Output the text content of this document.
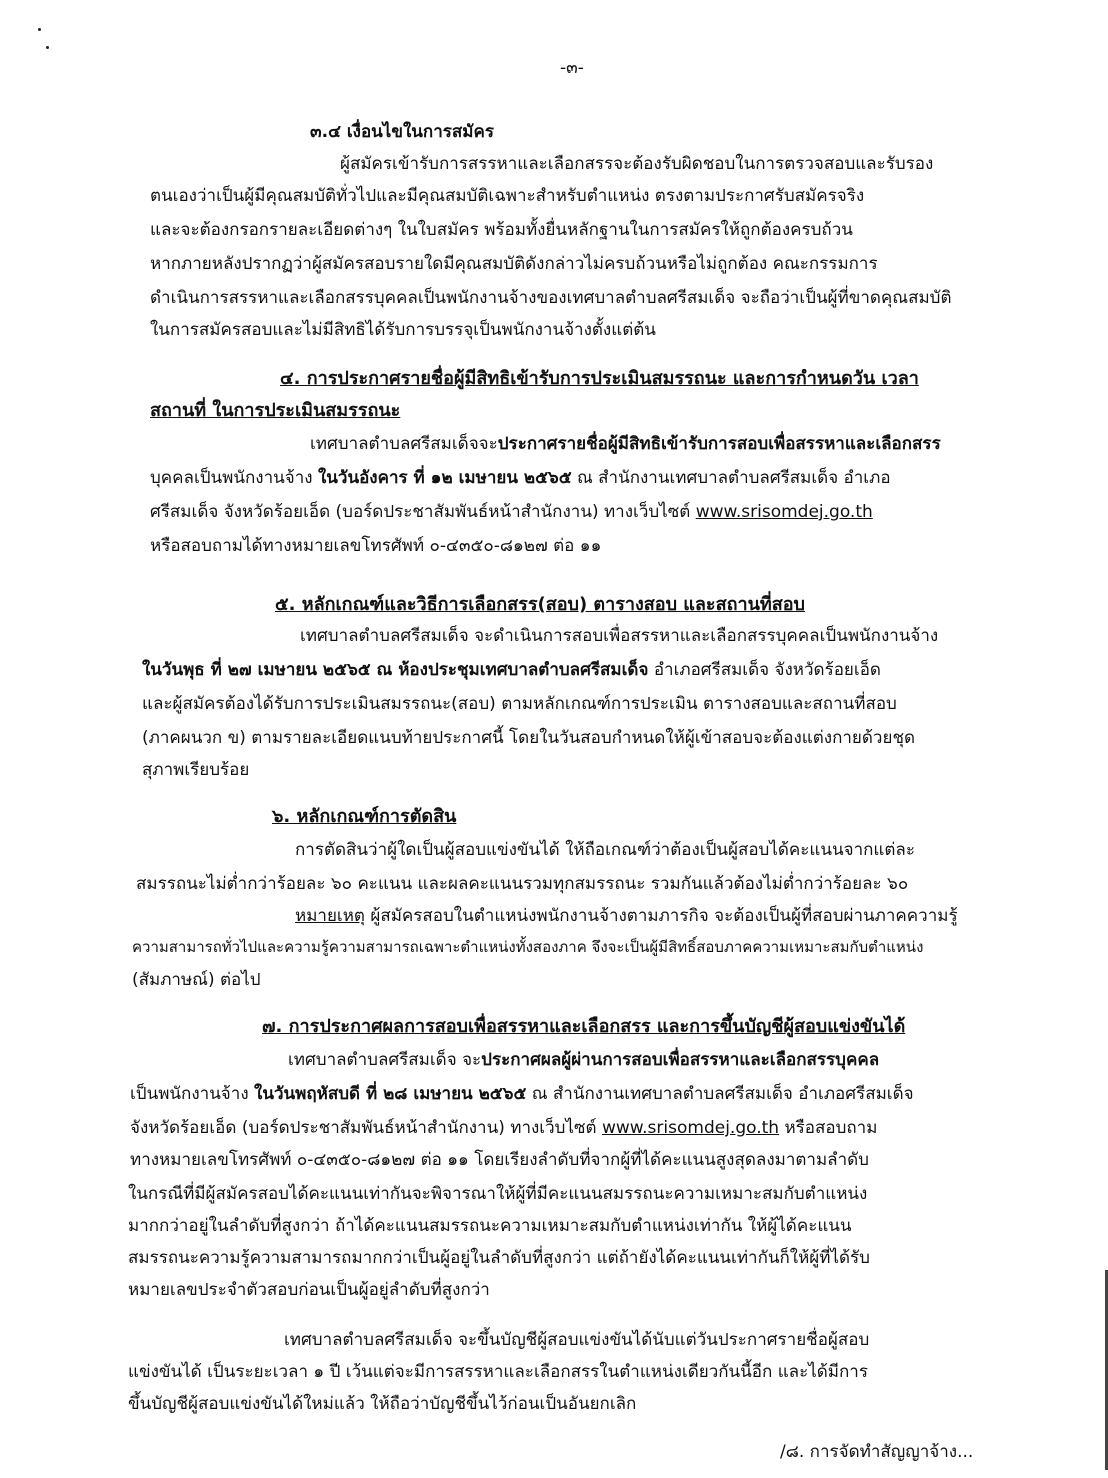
-๓-
๓.๔ เงื่อนไขในการสมัคร
ผู้สมัครเข้ารับการสรรหาและเลือกสรรจะต้องรับผิดชอบในการตรวจสอบและรับรอง
ตนเองว่าเป็นผู้มีคุณสมบัติทั่วไปและมีคุณสมบัติเฉพาะสำหรับตำแหน่ง ตรงตามประกาศรับสมัครจริง
และจะต้องกรอกรายละเอียดต่างๆ ในใบสมัคร พร้อมทั้งยื่นหลักฐานในการสมัครให้ถูกต้องครบถ้วน
หากภายหลังปรากฏว่าผู้สมัครสอบรายใดมีคุณสมบัติดังกล่าวไม่ครบถ้วนหรือไม่ถูกต้อง คณะกรรมการ
ดำเนินการสรรหาและเลือกสรรบุคคลเป็นพนักงานจ้างของเทศบาลตำบลศรีสมเด็จ จะถือว่าเป็นผู้ที่ขาดคุณสมบัติ
ในการสมัครสอบและไม่มีสิทธิได้รับการบรรจุเป็นพนักงานจ้างตั้งแต่ต้น
๔. การประกาศรายชื่อผู้มีสิทธิเข้ารับการประเมินสมรรถนะ และการกำหนดวัน เวลา
สถานที่ ในการประเมินสมรรถนะ
เทศบาลตำบลศรีสมเด็จจะประกาศรายชื่อผู้มีสิทธิเข้ารับการสอบเพื่อสรรหาและเลือกสรร
บุคคลเป็นพนักงานจ้าง ในวันอังคาร ที่ ๑๒ เมษายน ๒๕๖๕ ณ สำนักงานเทศบาลตำบลศรีสมเด็จ อำเภอ
ศรีสมเด็จ จังหวัดร้อยเอ็ด (บอร์ดประชาสัมพันธ์หน้าสำนักงาน) ทางเว็บไซต์ www.srisomdej.go.th
หรือสอบถามได้ทางหมายเลขโทรศัพท์ ๐-๔๓๕๐-๘๑๒๗ ต่อ ๑๑
๕. หลักเกณฑ์และวิธีการเลือกสรร(สอบ) ตารางสอบ และสถานที่สอบ
เทศบาลตำบลศรีสมเด็จ จะดำเนินการสอบเพื่อสรรหาและเลือกสรรบุคคลเป็นพนักงานจ้าง
ในวันพุธ ที่ ๒๗ เมษายน ๒๕๖๕ ณ ห้องประชุมเทศบาลตำบลศรีสมเด็จ อำเภอศรีสมเด็จ จังหวัดร้อยเอ็ด
และผู้สมัครต้องได้รับการประเมินสมรรถนะ(สอบ) ตามหลักเกณฑ์การประเมิน ตารางสอบและสถานที่สอบ
(ภาคผนวก ข) ตามรายละเอียดแนบท้ายประกาศนี้ โดยในวันสอบกำหนดให้ผู้เข้าสอบจะต้องแต่งกายด้วยชุด
สุภาพเรียบร้อย
๖. หลักเกณฑ์การตัดสิน
การตัดสินว่าผู้ใดเป็นผู้สอบแข่งขันได้ ให้ถือเกณฑ์ว่าต้องเป็นผู้สอบได้คะแนนจากแต่ละ
สมรรถนะไม่ต่ำกว่าร้อยละ ๖๐ คะแนน และผลคะแนนรวมทุกสมรรถนะ รวมกันแล้วต้องไม่ต่ำกว่าร้อยละ ๖๐
หมายเหตุ ผู้สมัครสอบในตำแหน่งพนักงานจ้างตามภารกิจ จะต้องเป็นผู้ที่สอบผ่านภาคความรู้
ความสามารถทั่วไปและความรู้ความสามารถเฉพาะตำแหน่งทั้งสองภาค จึงจะเป็นผู้มีสิทธิ์สอบภาคความเหมาะสมกับตำแหน่ง
(สัมภาษณ์) ต่อไป
๗. การประกาศผลการสอบเพื่อสรรหาและเลือกสรร และการขึ้นบัญชีผู้สอบแข่งขันได้
เทศบาลตำบลศรีสมเด็จ จะประกาศผลผู้ผ่านการสอบเพื่อสรรหาและเลือกสรรบุคคล
เป็นพนักงานจ้าง ในวันพฤหัสบดี ที่ ๒๘ เมษายน ๒๕๖๕ ณ สำนักงานเทศบาลตำบลศรีสมเด็จ อำเภอศรีสมเด็จ
จังหวัดร้อยเอ็ด (บอร์ดประชาสัมพันธ์หน้าสำนักงาน) ทางเว็บไซต์ www.srisomdej.go.th หรือสอบถาม
ทางหมายเลขโทรศัพท์ ๐-๔๓๕๐-๘๑๒๗ ต่อ ๑๑ โดยเรียงลำดับที่จากผู้ที่ได้คะแนนสูงสุดลงมาตามลำดับ
ในกรณีที่มีผู้สมัครสอบได้คะแนนเท่ากันจะพิจารณาให้ผู้ที่มีคะแนนสมรรถนะความเหมาะสมกับตำแหน่ง
มากกว่าอยู่ในลำดับที่สูงกว่า ถ้าได้คะแนนสมรรถนะความเหมาะสมกับตำแหน่งเท่ากัน ให้ผู้ได้คะแนน
สมรรถนะความรู้ความสามารถมากกว่าเป็นผู้อยู่ในลำดับที่สูงกว่า แต่ถ้ายังได้คะแนนเท่ากันก็ให้ผู้ที่ได้รับ
หมายเลขประจำตัวสอบก่อนเป็นผู้อยู่ลำดับที่สูงกว่า
เทศบาลตำบลศรีสมเด็จ จะขึ้นบัญชีผู้สอบแข่งขันได้นับแต่วันประกาศรายชื่อผู้สอบ
แข่งขันได้ เป็นระยะเวลา ๑ ปี เว้นแต่จะมีการสรรหาและเลือกสรรในตำแหน่งเดียวกันนี้อีก และได้มีการ
ขึ้นบัญชีผู้สอบแข่งขันได้ใหม่แล้ว ให้ถือว่าบัญชีขึ้นไว้ก่อนเป็นอันยกเลิก
/๘. การจัดทำสัญญาจ้าง...
